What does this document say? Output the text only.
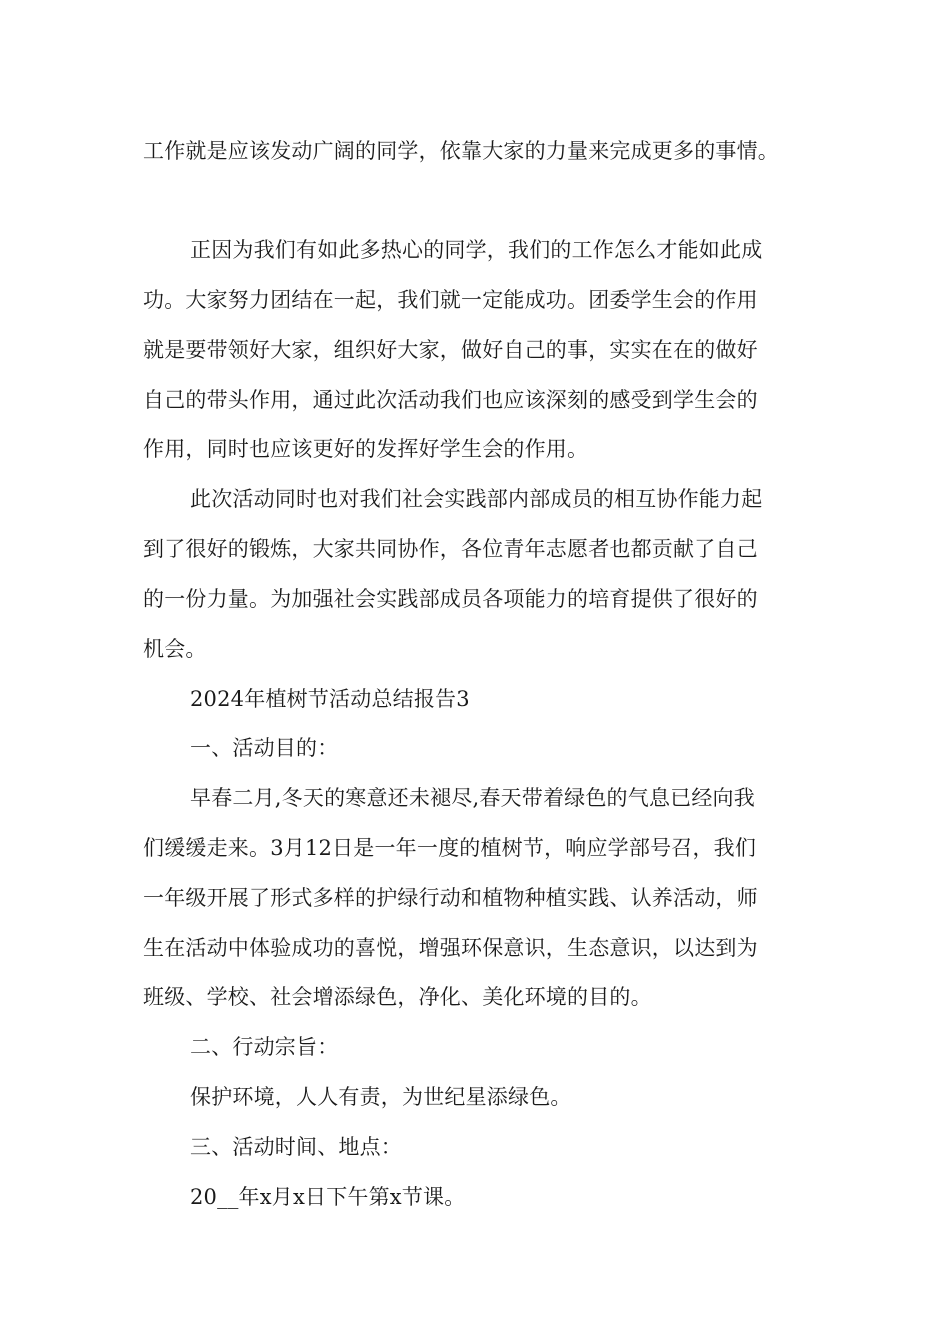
工作就是应该发动广阔的同学，依靠大家的力量来完成更多的事情。
正因为我们有如此多热心的同学，我们的工作怎么才能如此成
功。大家努力团结在一起，我们就一定能成功。团委学生会的作用
就是要带领好大家，组织好大家，做好自己的事，实实在在的做好
自己的带头作用，通过此次活动我们也应该深刻的感受到学生会的
作用，同时也应该更好的发挥好学生会的作用。
此次活动同时也对我们社会实践部内部成员的相互协作能力起
到了很好的锻炼，大家共同协作，各位青年志愿者也都贡献了自己
的一份力量。为加强社会实践部成员各项能力的培育提供了很好的
机会。
2024年植树节活动总结报告3
一、活动目的：
早春二月,冬天的寒意还未褪尽,春天带着绿色的气息已经向我
们缓缓走来。3月12日是一年一度的植树节，响应学部号召，我们
一年级开展了形式多样的护绿行动和植物种植实践、认养活动，师
生在活动中体验成功的喜悦，增强环保意识，生态意识，以达到为
班级、学校、社会增添绿色，净化、美化环境的目的。
二、行动宗旨：
保护环境，人人有责，为世纪星添绿色。
三、活动时间、地点：
20__年x月x日下午第x节课。
